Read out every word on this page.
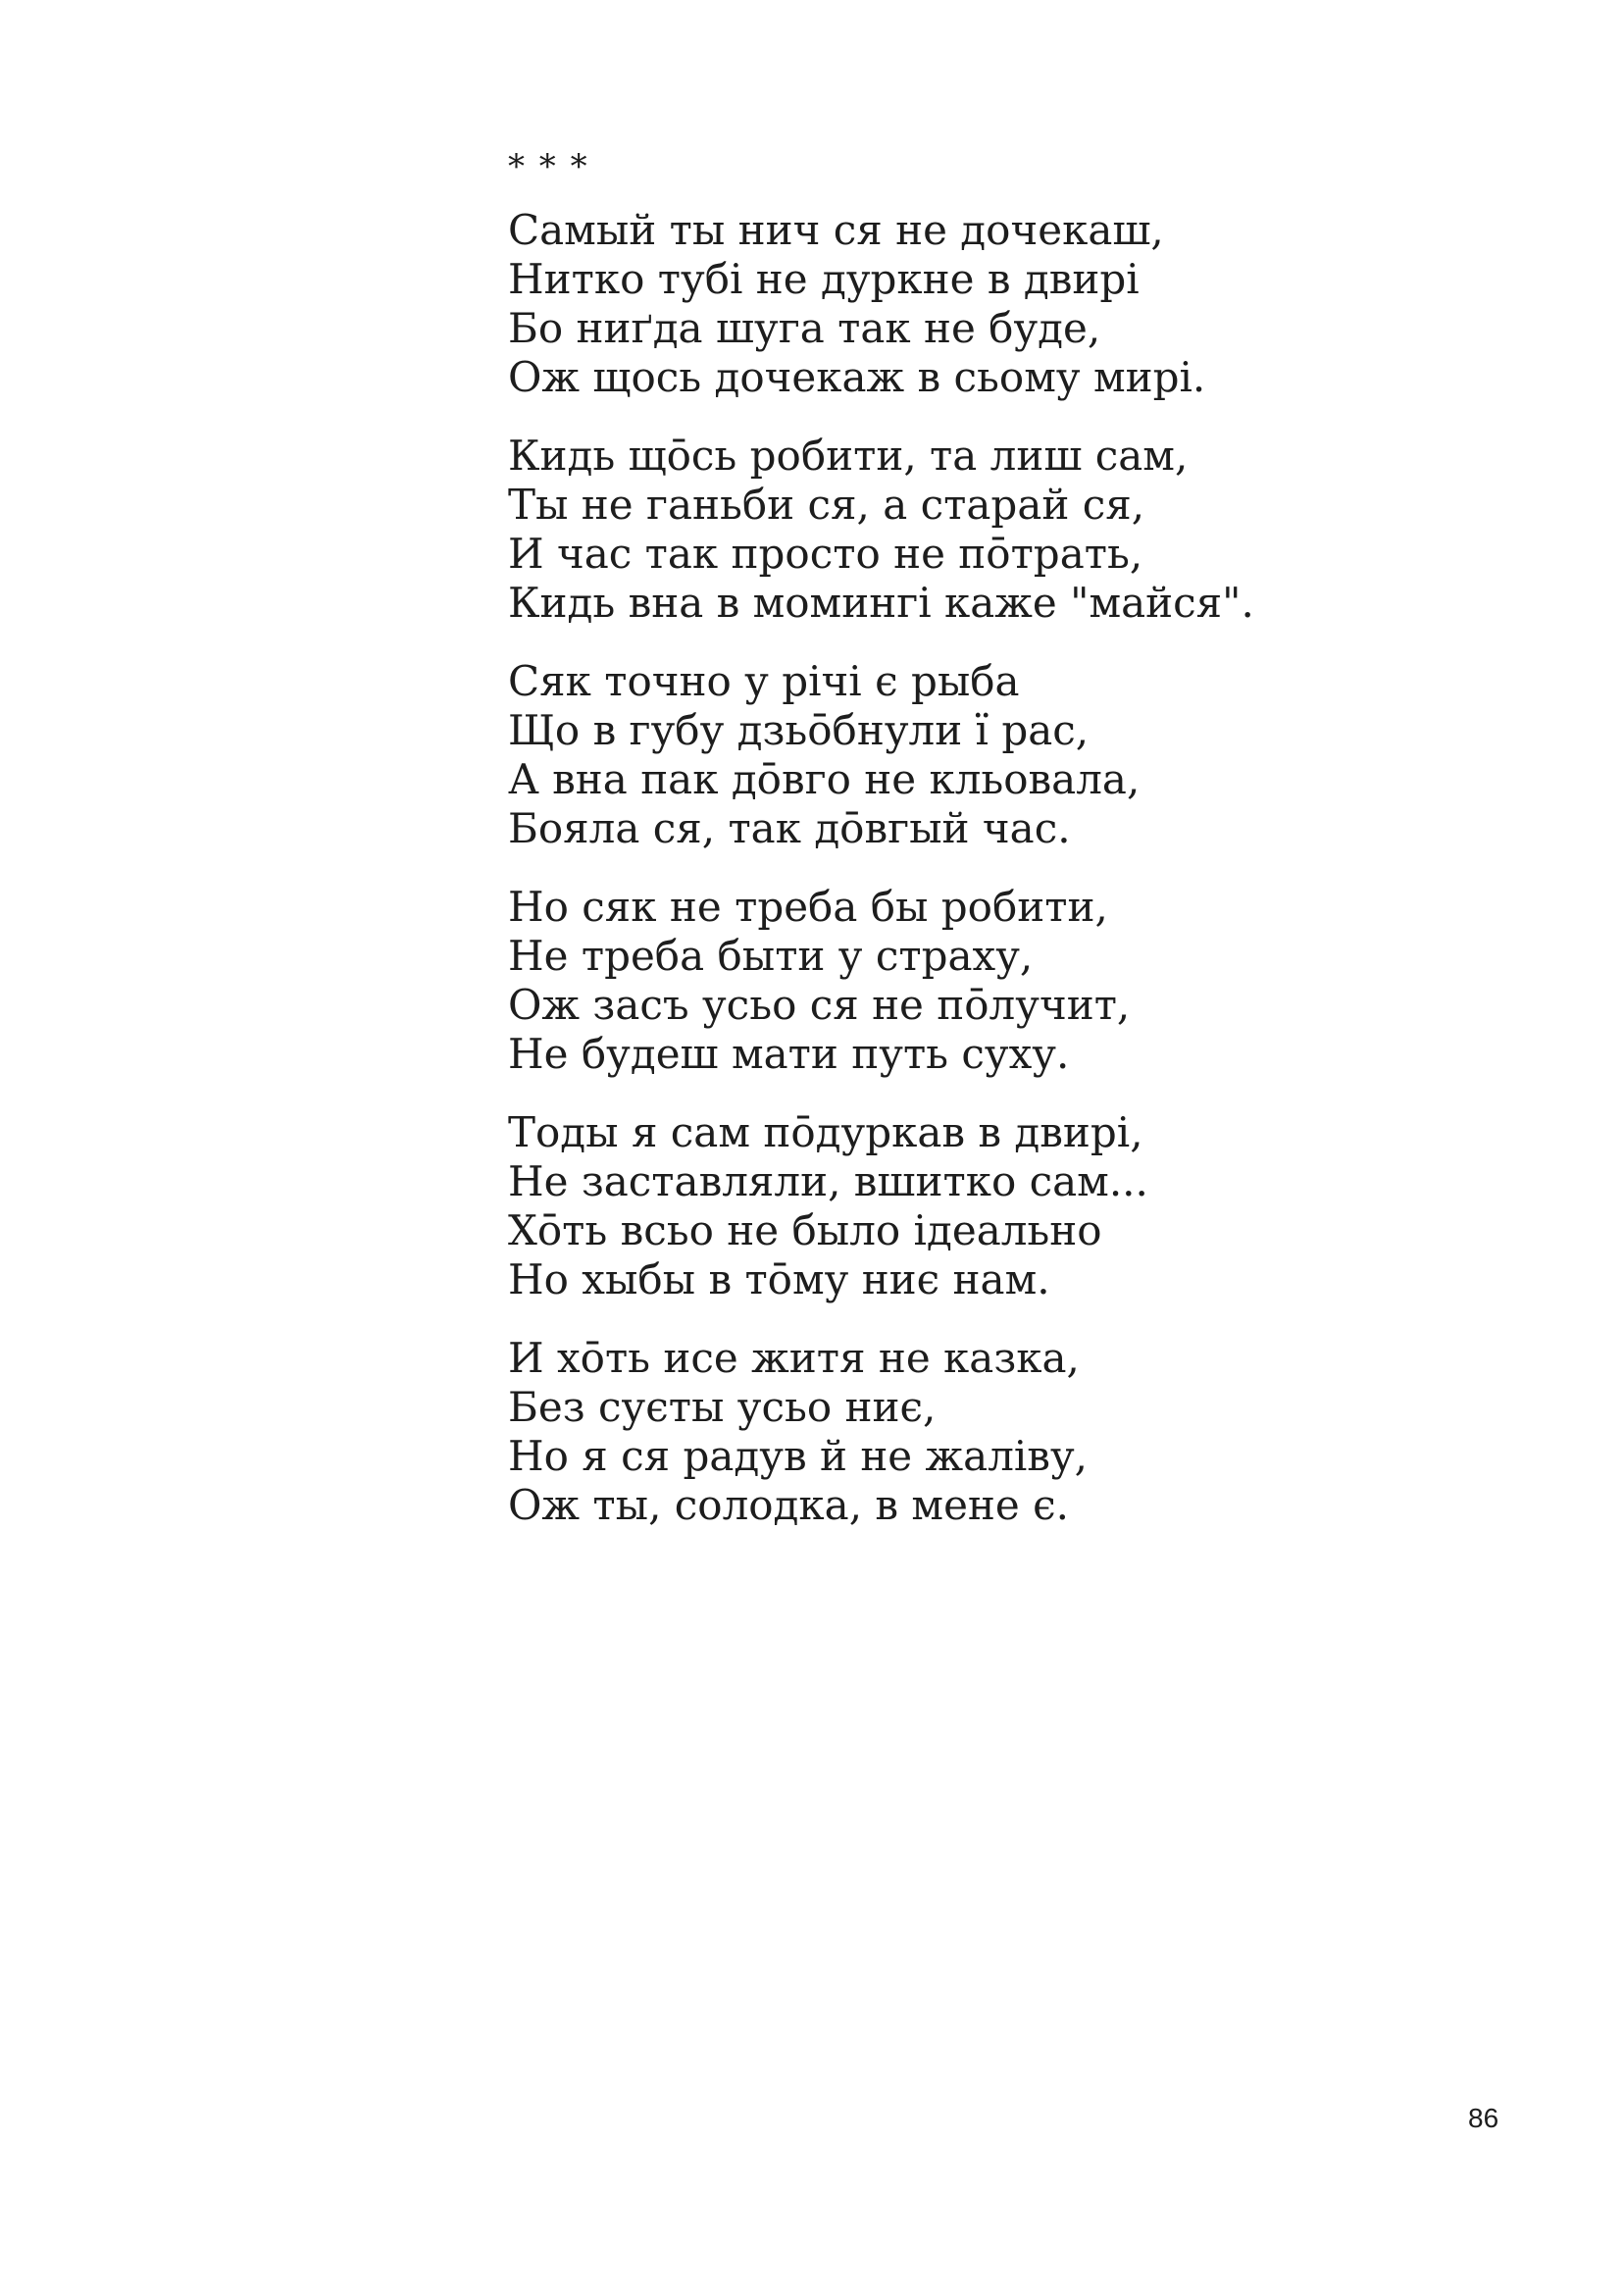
* * *
Самый ты нич ся не дочекаш,
Нитко тубі не дуркне в двирі
Бо ниґда шуга так не буде,
Ож щось дочекаж в сьому мирі.
Кидь щōсь робити, та лиш сам,
Ты не ганьби ся, а старай ся,
И час так просто не пōтрать,
Кидь вна в момингі каже "майся".
Сяк точно у річі є рыба
Що в губу дзьōбнули ї рас,
А вна пак дōвго не кльовала,
Бояла ся, так дōвгый час.
Но сяк не треба бы робити,
Не треба быти у страху,
Ож засъ усьо ся не пōлучит,
Не будеш мати путь суху.
Тоды я сам пōдуркав в двирі,
Не заставляли, вшитко сам...
Хōть всьо не было ідеально
Но хыбы в тōму ниє нам.
И хōть исе житя не казка,
Без суєты усьо ниє,
Но я ся радув й не жаліву,
Ож ты, солодка, в мене є.
86
